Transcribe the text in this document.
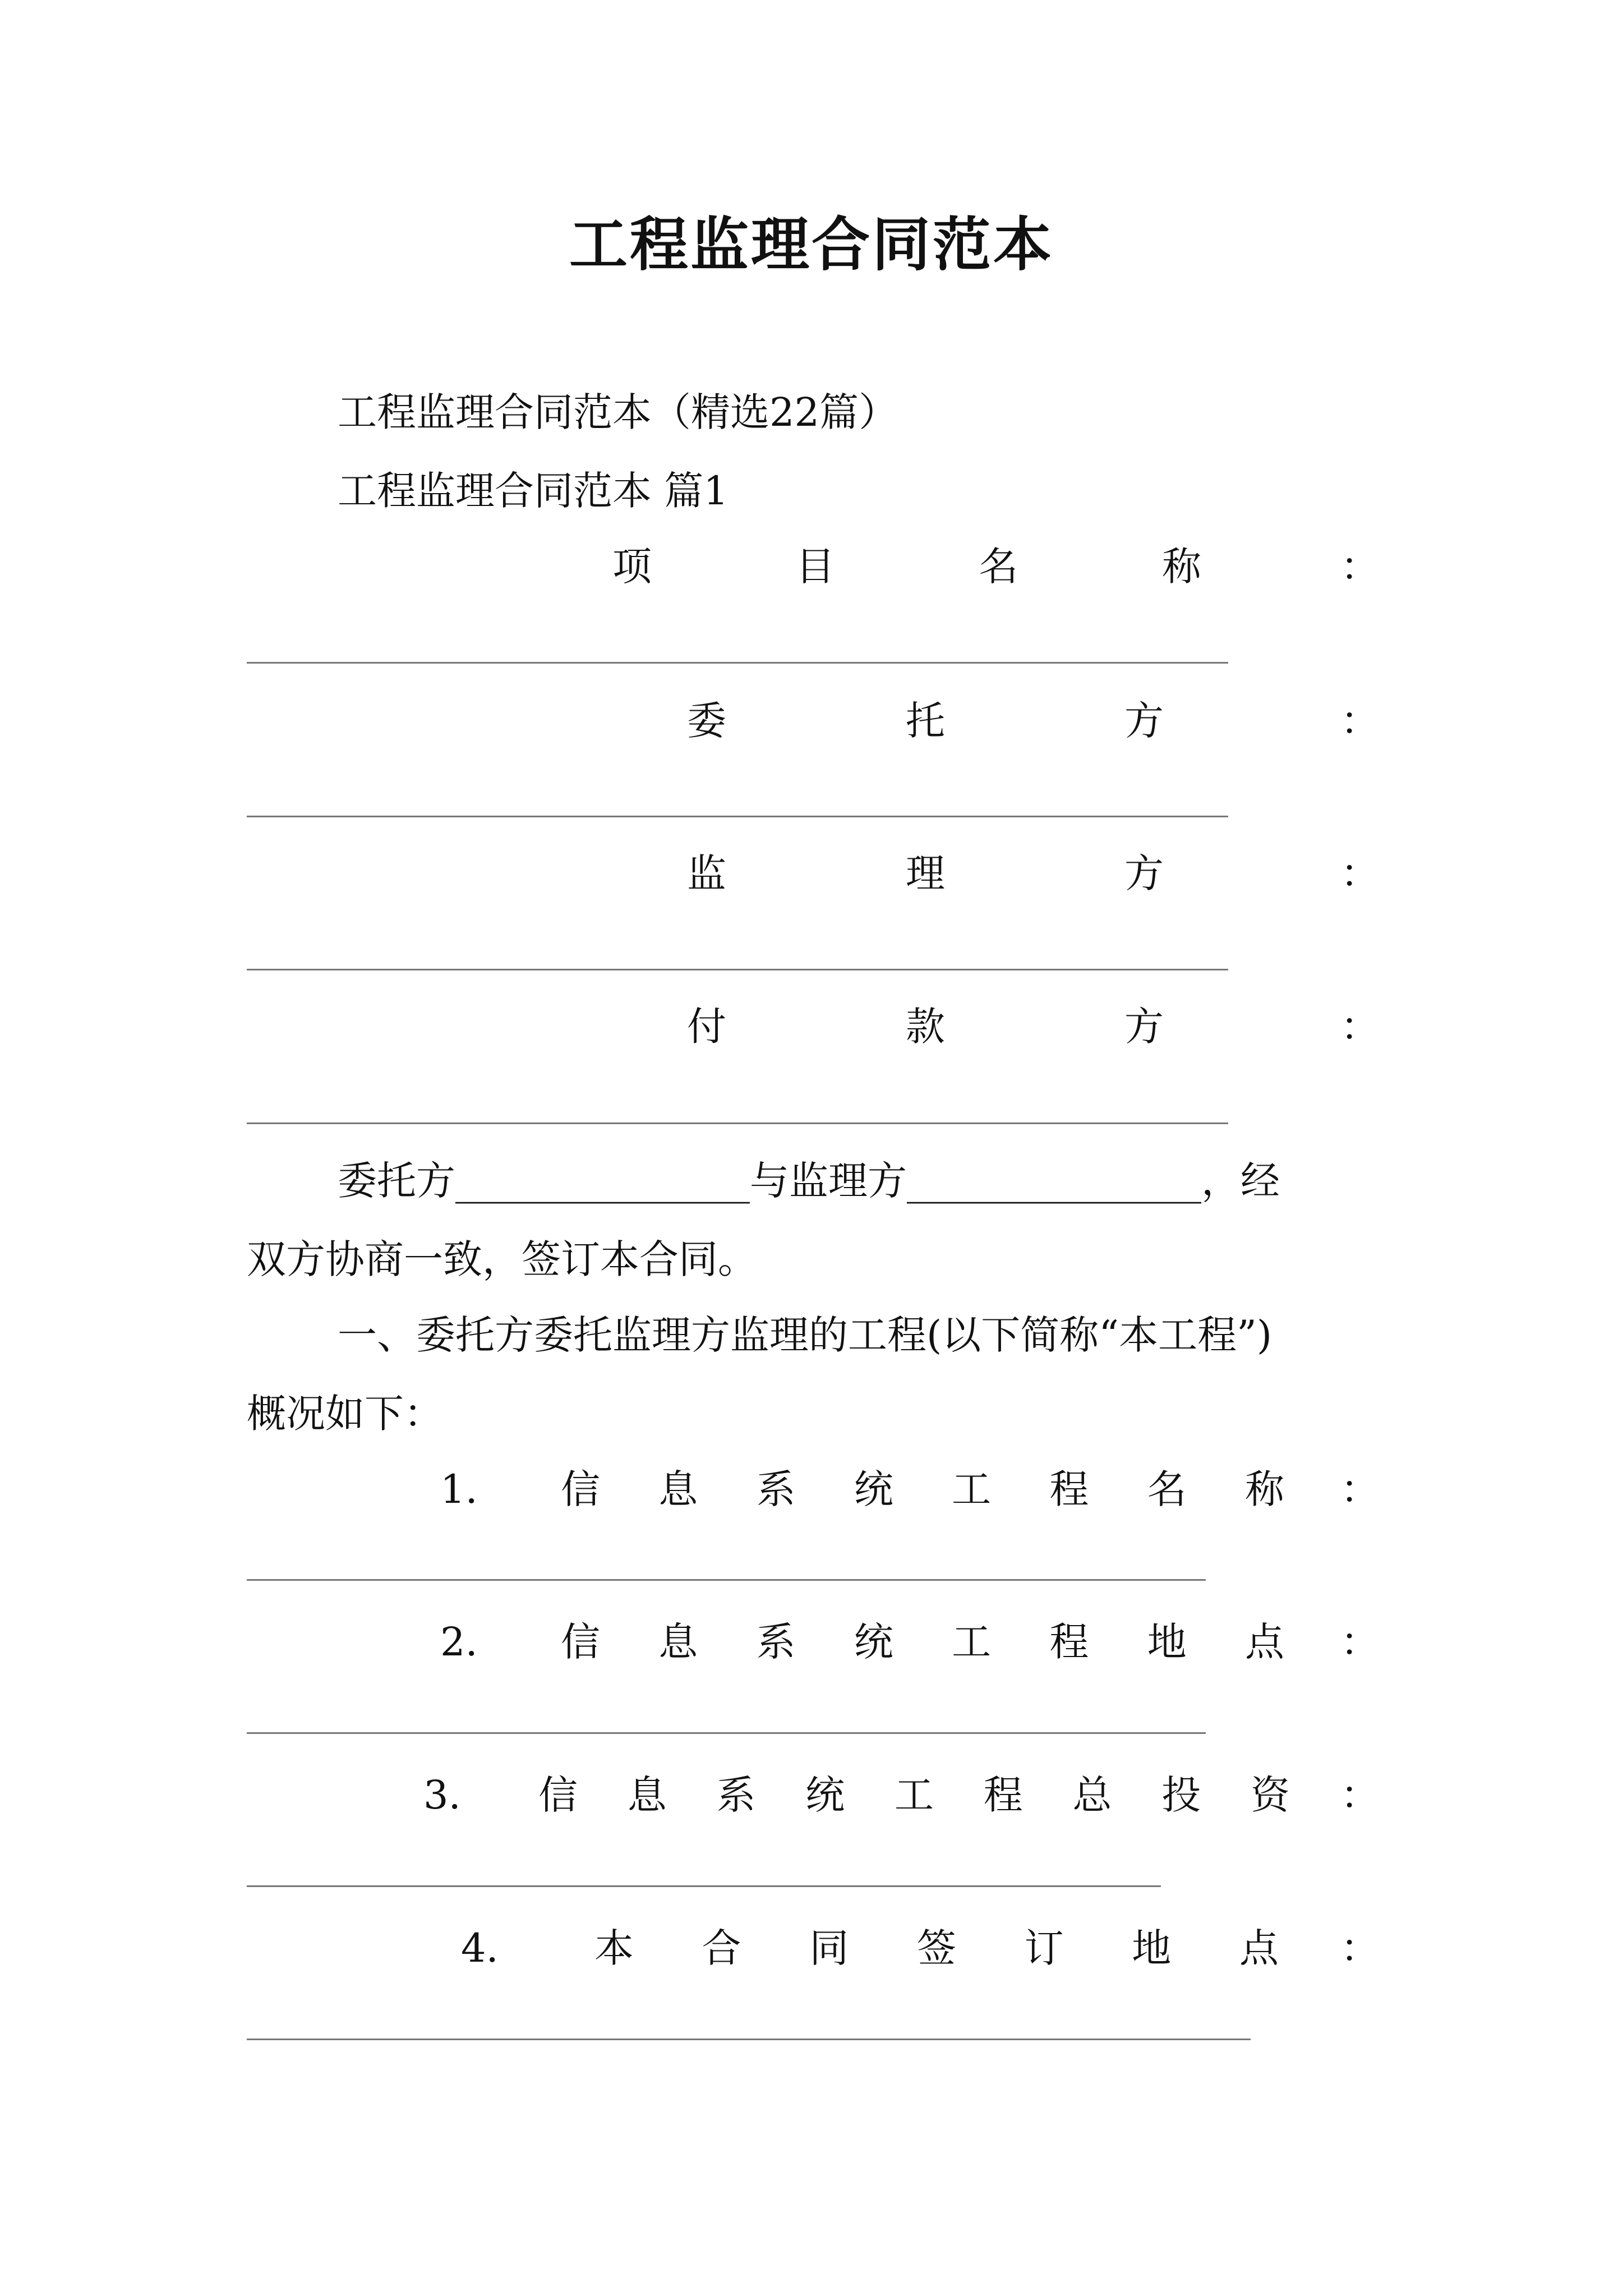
工程监理合同范本
工程监理合同范本（精选22篇）
工程监理合同范本 篇1
项	目	名	称	：
委	托	方	：
监	理	方	：
付	款	方	：
委托方_______________与监理方_______________，经
双方协商一致，签订本合同。
一、委托方委托监理方监理的工程(以下简称“本工程”)
概况如下：
1. 信 息 系 统 工 程 名 称 ：
2. 信 息 系 统 工 程 地 点 ：
3. 信 息 系 统 工 程 总 投 资 ：
4. 本 合 同 签 订 地 点 ：
